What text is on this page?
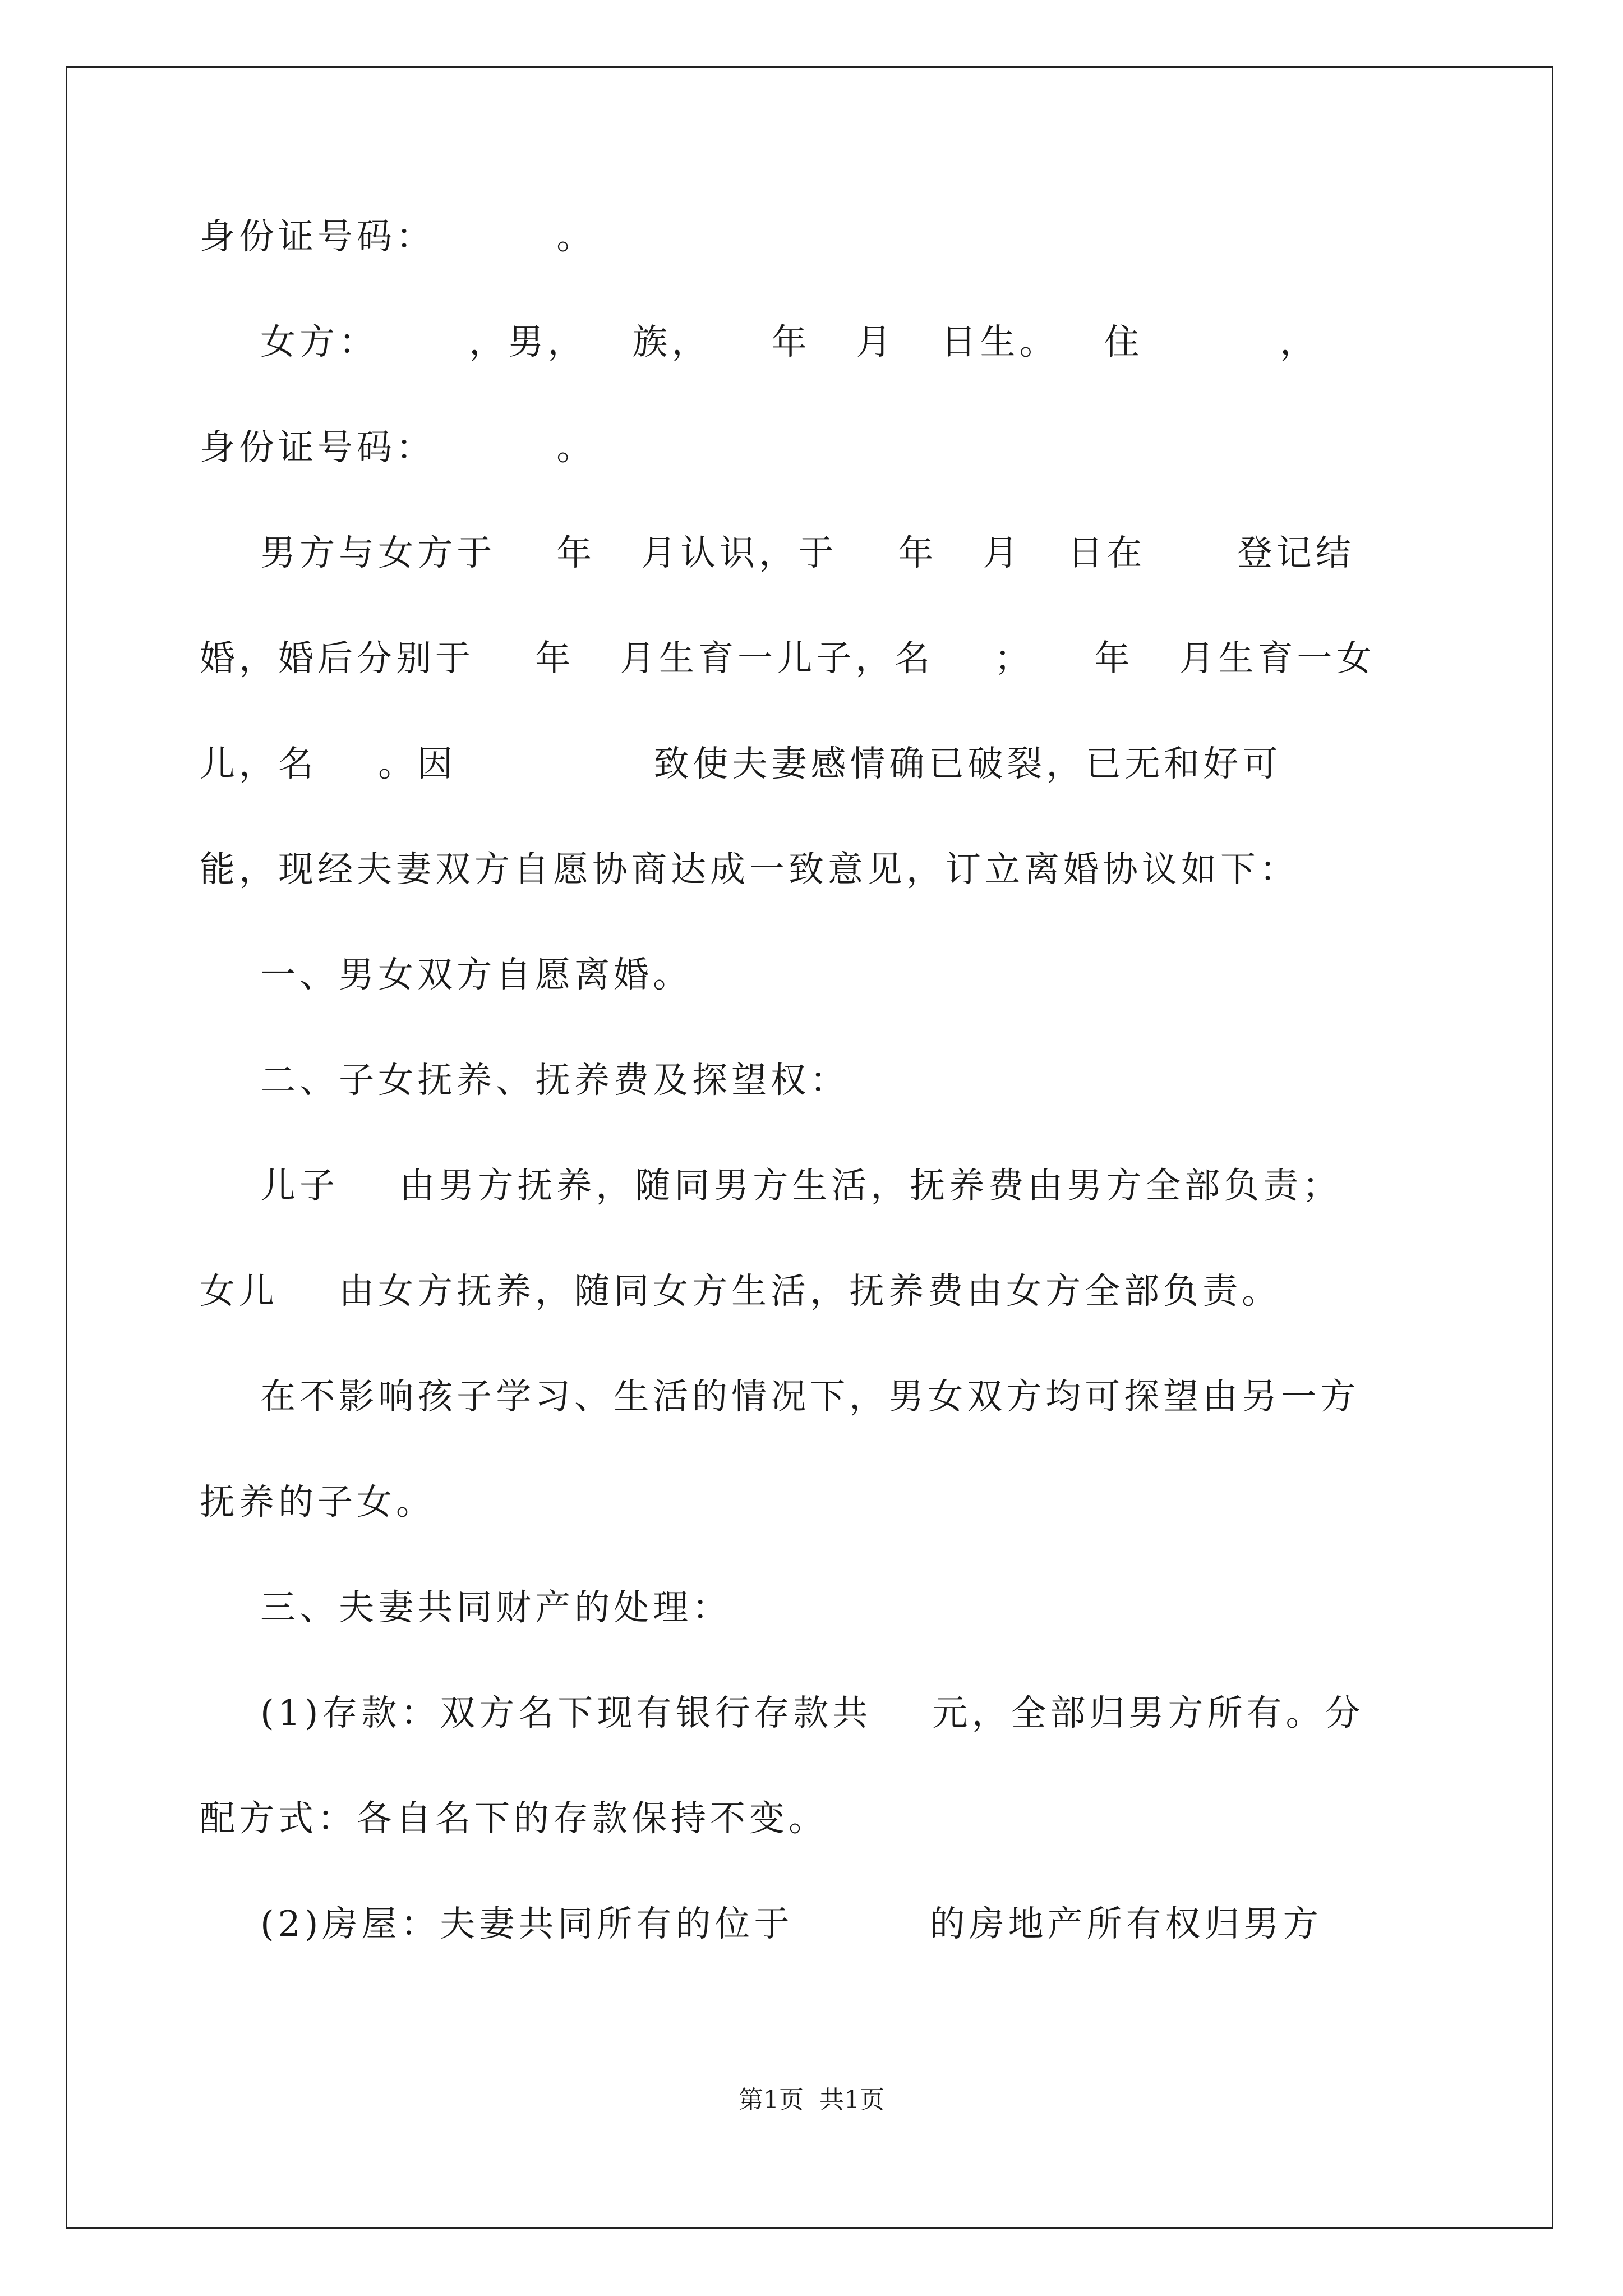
身份证号码：        。
女方：      ，男，   族，    年   月   日生。   住         ，
身份证号码：        。
男方与女方于    年   月认识，于    年   月   日在      登记结
婚，婚后分别于    年   月生育一儿子，名    ；    年   月生育一女
儿，名    。因             致使夫妻感情确已破裂，已无和好可
能，现经夫妻双方自愿协商达成一致意见，订立离婚协议如下：
一、男女双方自愿离婚。
二、子女抚养、抚养费及探望权：
儿子    由男方抚养，随同男方生活，抚养费由男方全部负责；
女儿    由女方抚养，随同女方生活，抚养费由女方全部负责。
在不影响孩子学习、生活的情况下，男女双方均可探望由另一方
抚养的子女。
三、夫妻共同财产的处理：
(1)存款：双方名下现有银行存款共    元，全部归男方所有。分
配方式：各自名下的存款保持不变。
(2)房屋：夫妻共同所有的位于         的房地产所有权归男方
第1页  共1页
